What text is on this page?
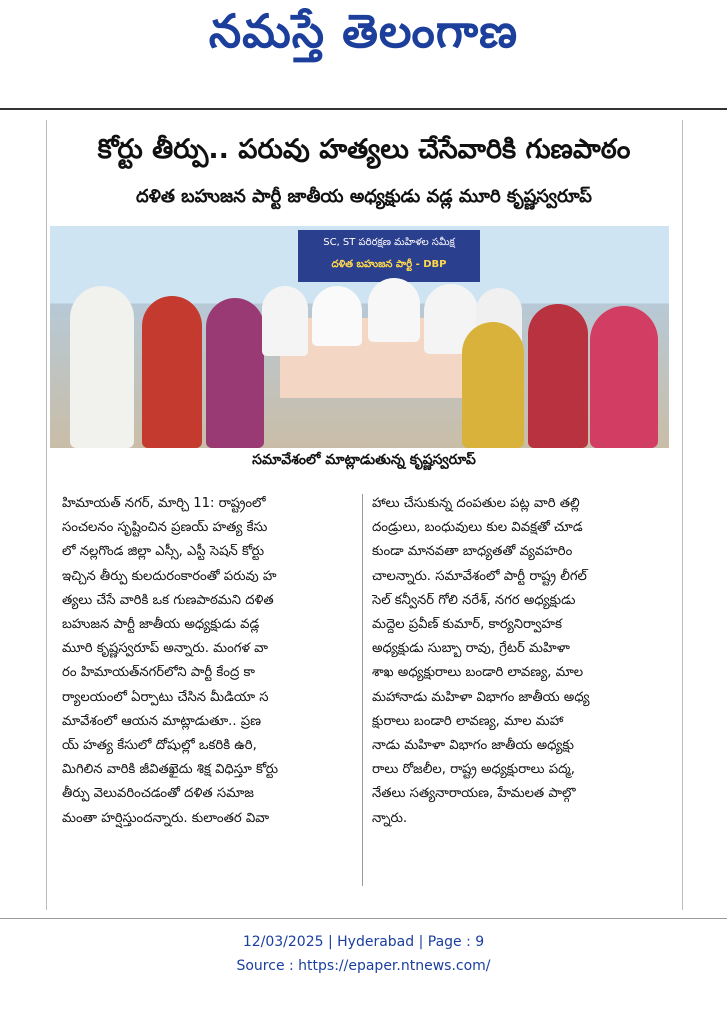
నమస్తే తెలంగాణ
కోర్టు తీర్పు.. పరువు హత్యలు చేసేవారికి గుణపాఠం
దళిత బహుజన పార్టీ జాతీయ అధ్యక్షుడు వడ్ల మూరి కృష్ణస్వరూప్
SC, ST పరిరక్షణ మహిళల సమీక్ష
దళిత బహుజన పార్టీ - DBP
సమావేశంలో మాట్లాడుతున్న కృష్ణస్వరూప్
హిమాయత్ నగర్, మార్చి 11: రాష్ట్రంలో
సంచలనం సృష్టించిన ప్రణయ్ హత్య కేసు
లో నల్లగొండ జిల్లా ఎస్సీ, ఎస్టీ సెషన్ కోర్టు
ఇచ్చిన తీర్పు కులదురంకారంతో పరువు హ
త్యలు చేసే వారికి ఒక గుణపాఠమని దళిత
బహుజన పార్టీ జాతీయ అధ్యక్షుడు వడ్ల
మూరి కృష్ణస్వరూప్ అన్నారు. మంగళ వా
రం హిమాయత్‌నగర్‌లోని పార్టీ కేంద్ర కా
ర్యాలయంలో ఏర్పాటు చేసిన మీడియా స
మావేశంలో ఆయన మాట్లాడుతూ.. ప్రణ
య్ హత్య కేసులో దోషుల్లో ఒకరికి ఉరి,
మిగిలిన వారికి జీవితఖైదు శిక్ష విధిస్తూ కోర్టు
తీర్పు వెలువరించడంతో దళిత సమాజ
మంతా హర్షిస్తుందన్నారు. కులాంతర వివా
హాలు చేసుకున్న దంపతుల పట్ల వారి తల్లి
దండ్రులు, బంధువులు కుల వివక్షతో చూడ
కుండా మానవతా బాధ్యతతో వ్యవహరిం
చాలన్నారు. సమావేశంలో పార్టీ రాష్ట్ర లీగల్
సెల్ కన్వీనర్ గోలి నరేశ్, నగర అధ్యక్షుడు
మద్దెల ప్రవీణ్ కుమార్, కార్యనిర్వాహక
అధ్యక్షుడు సుబ్బా రావు, గ్రేటర్ మహిళా
శాఖ అధ్యక్షురాలు బండారి లావణ్య, మాల
మహానాడు మహిళా విభాగం జాతీయ అధ్య
క్షురాలు బండారి లావణ్య, మాల మహా
నాడు మహిళా విభాగం జాతీయ అధ్యక్షు
రాలు రోజలీల, రాష్ట్ర అధ్యక్షురాలు పద్మ,
నేతలు సత్యనారాయణ, హేమలత పాల్గొ
న్నారు.
12/03/2025 | Hyderabad | Page : 9
Source : https://epaper.ntnews.com/
